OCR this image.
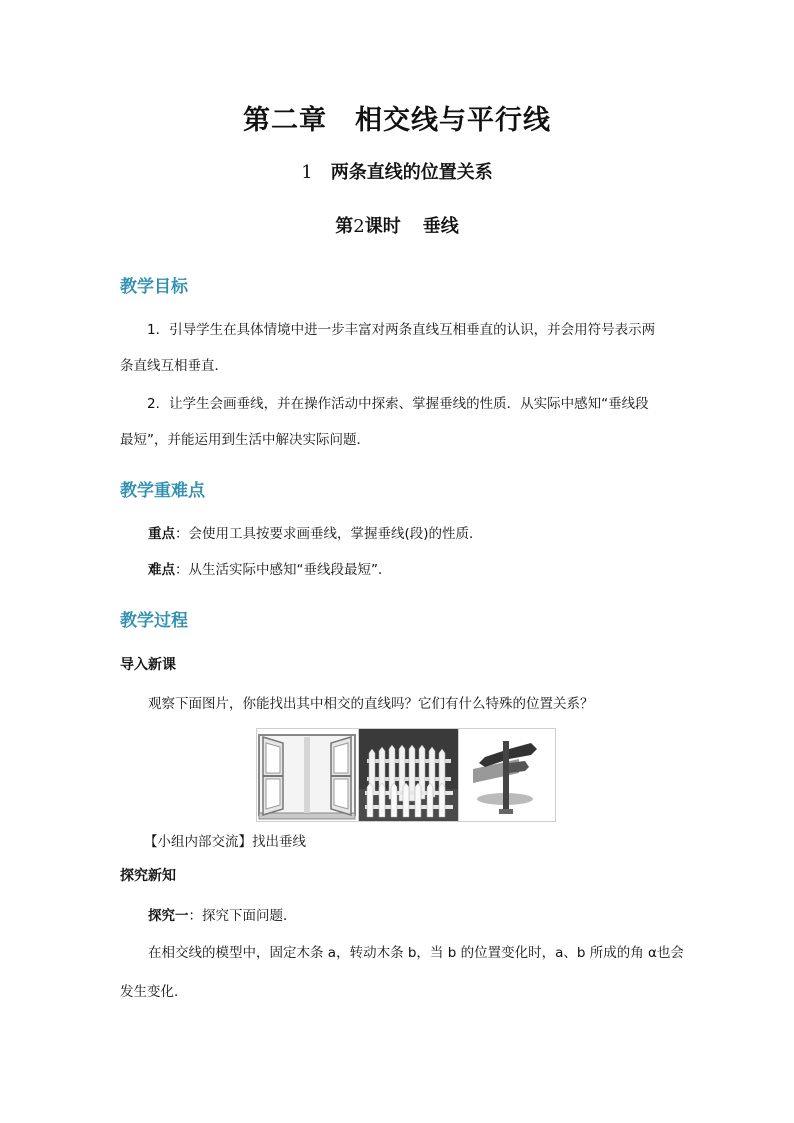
第二章　相交线与平行线
1 两条直线的位置关系
第2课时 垂线
教学目标
1．引导学生在具体情境中进一步丰富对两条直线互相垂直的认识，并会用符号表示两
条直线互相垂直．
2．让学生会画垂线，并在操作活动中探索、掌握垂线的性质．从实际中感知“垂线段
最短”，并能运用到生活中解决实际问题．
教学重难点
重点：会使用工具按要求画垂线，掌握垂线(段)的性质．
难点：从生活实际中感知“垂线段最短”．
教学过程
导入新课
观察下面图片，你能找出其中相交的直线吗？它们有什么特殊的位置关系？
【小组内部交流】找出垂线
探究新知
探究一：探究下面问题．
在相交线的模型中，固定木条 a，转动木条 b，当 b 的位置变化时，a、b 所成的角 α也会
发生变化．
